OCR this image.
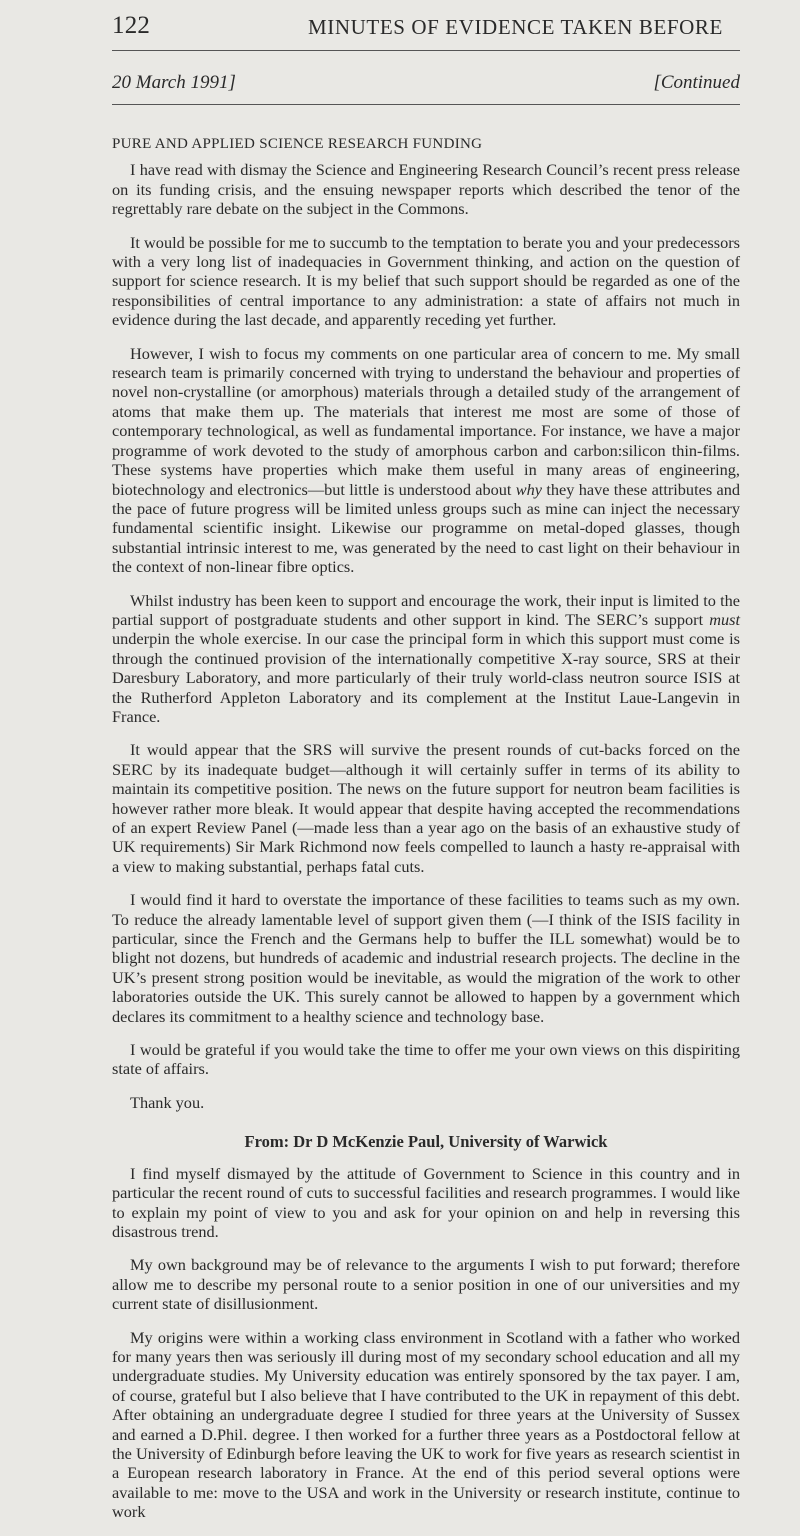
122	MINUTES OF EVIDENCE TAKEN BEFORE
20 March 1991]	[Continued
PURE AND APPLIED SCIENCE RESEARCH FUNDING

I have read with dismay the Science and Engineering Research Council’s recent press release on its funding crisis, and the ensuing newspaper reports which described the tenor of the regrettably rare debate on the subject in the Commons.

It would be possible for me to succumb to the temptation to berate you and your predecessors with a very long list of inadequacies in Government thinking, and action on the question of support for science research. It is my belief that such support should be regarded as one of the responsibilities of central importance to any administration: a state of affairs not much in evidence during the last decade, and apparently receding yet further.

However, I wish to focus my comments on one particular area of concern to me. My small research team is primarily concerned with trying to understand the behaviour and properties of novel non-crystalline (or amorphous) materials through a detailed study of the arrangement of atoms that make them up. The materials that interest me most are some of those of contemporary technological, as well as fundamental importance. For instance, we have a major programme of work devoted to the study of amorphous carbon and carbon:silicon thin-films. These systems have properties which make them useful in many areas of engineering, biotechnology and electronics—but little is understood about why they have these attributes and the pace of future progress will be limited unless groups such as mine can inject the necessary fundamental scientific insight. Likewise our programme on metal-doped glasses, though substantial intrinsic interest to me, was generated by the need to cast light on their behaviour in the context of non-linear fibre optics.

Whilst industry has been keen to support and encourage the work, their input is limited to the partial support of postgraduate students and other support in kind. The SERC’s support must underpin the whole exercise. In our case the principal form in which this support must come is through the continued provision of the internationally competitive X-ray source, SRS at their Daresbury Laboratory, and more particularly of their truly world-class neutron source ISIS at the Rutherford Appleton Laboratory and its complement at the Institut Laue-Langevin in France.

It would appear that the SRS will survive the present rounds of cut-backs forced on the SERC by its inadequate budget—although it will certainly suffer in terms of its ability to maintain its competitive position. The news on the future support for neutron beam facilities is however rather more bleak. It would appear that despite having accepted the recommendations of an expert Review Panel (—made less than a year ago on the basis of an exhaustive study of UK requirements) Sir Mark Richmond now feels compelled to launch a hasty re-appraisal with a view to making substantial, perhaps fatal cuts.

I would find it hard to overstate the importance of these facilities to teams such as my own. To reduce the already lamentable level of support given them (—I think of the ISIS facility in particular, since the French and the Germans help to buffer the ILL somewhat) would be to blight not dozens, but hundreds of academic and industrial research projects. The decline in the UK’s present strong position would be inevitable, as would the migration of the work to other laboratories outside the UK. This surely cannot be allowed to happen by a government which declares its commitment to a healthy science and technology base.

I would be grateful if you would take the time to offer me your own views on this dispiriting state of affairs.

Thank you.

From: Dr D McKenzie Paul, University of Warwick

I find myself dismayed by the attitude of Government to Science in this country and in particular the recent round of cuts to successful facilities and research programmes. I would like to explain my point of view to you and ask for your opinion on and help in reversing this disastrous trend.

My own background may be of relevance to the arguments I wish to put forward; therefore allow me to describe my personal route to a senior position in one of our universities and my current state of disillusionment.

My origins were within a working class environment in Scotland with a father who worked for many years then was seriously ill during most of my secondary school education and all my undergraduate studies. My University education was entirely sponsored by the tax payer. I am, of course, grateful but I also believe that I have contributed to the UK in repayment of this debt. After obtaining an undergraduate degree I studied for three years at the University of Sussex and earned a D.Phil. degree. I then worked for a further three years as a Postdoctoral fellow at the University of Edinburgh before leaving the UK to work for five years as research scientist in a European research laboratory in France. At the end of this period several options were available to me: move to the USA and work in the University or research institute, continue to work
